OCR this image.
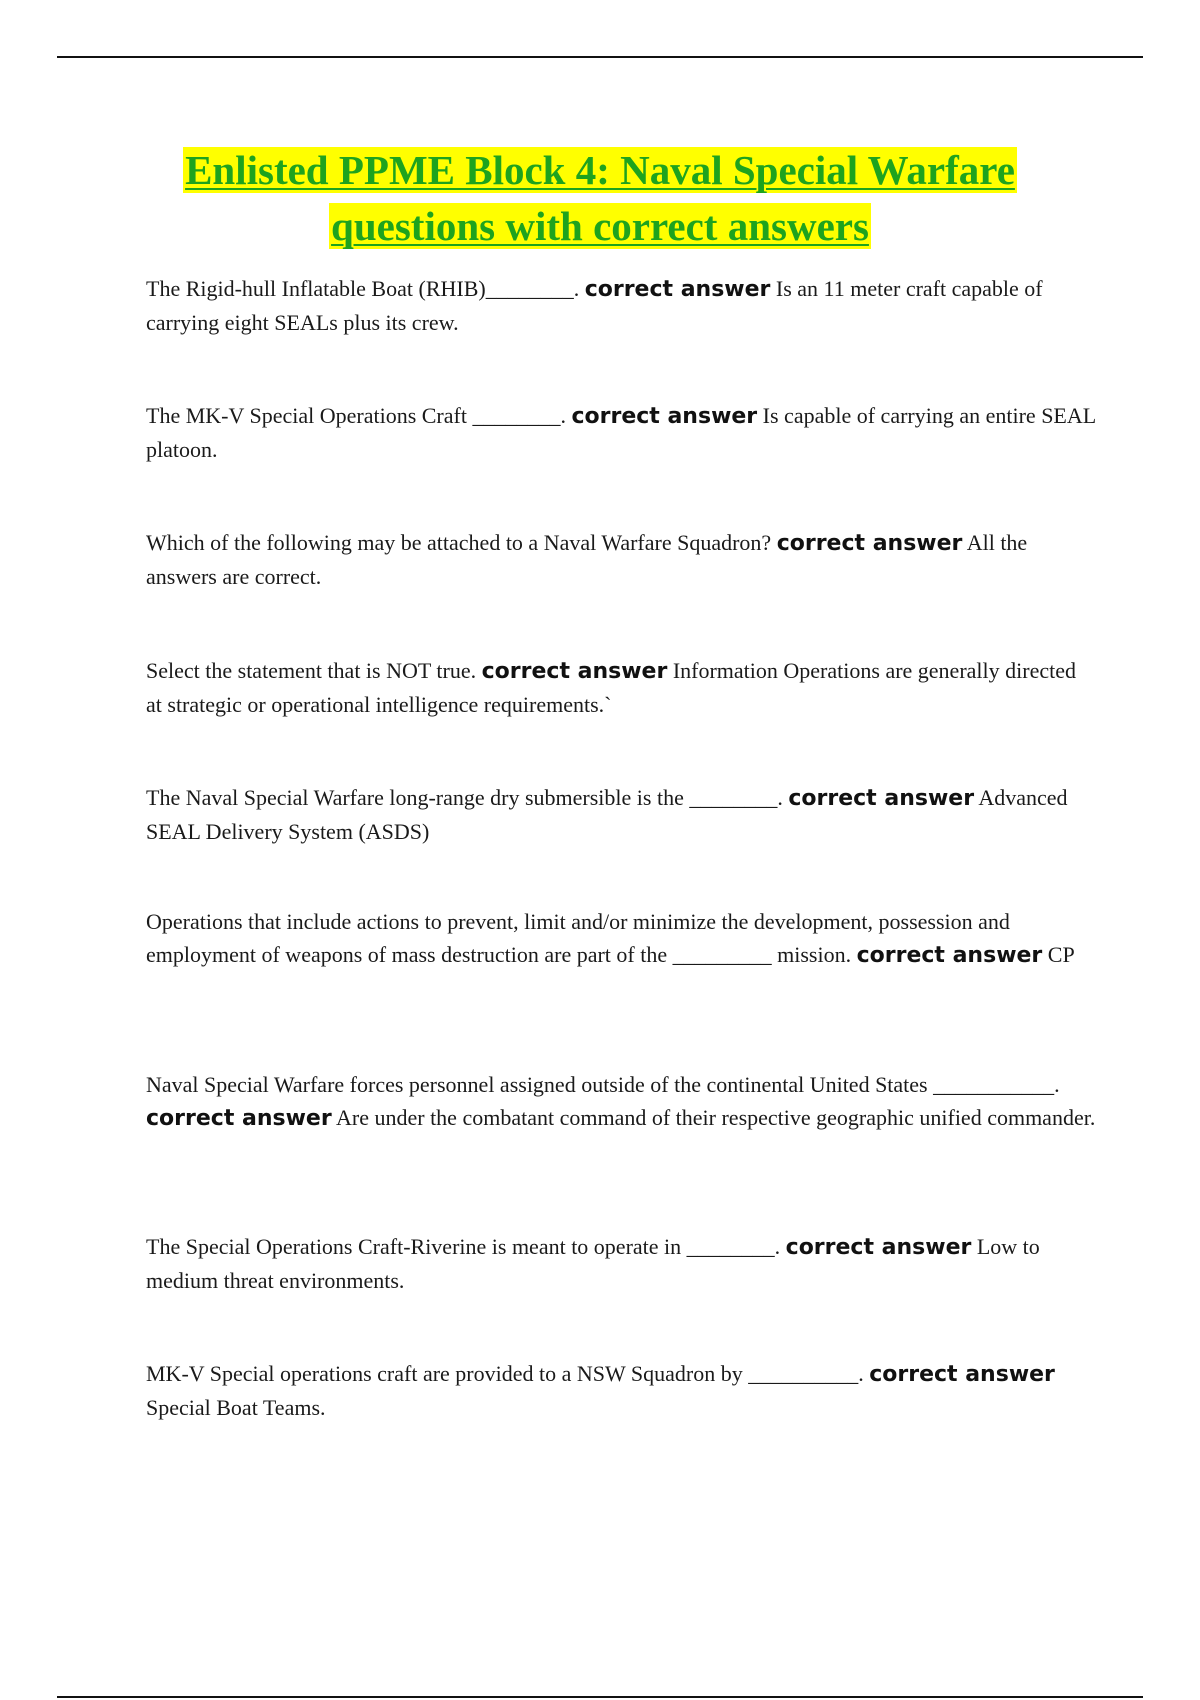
Enlisted PPME Block 4: Naval Special Warfare
questions with correct answers

The Rigid-hull Inflatable Boat (RHIB)________. correct answer Is an 11 meter craft capable of carrying eight SEALs plus its crew.

The MK-V Special Operations Craft ________. correct answer Is capable of carrying an entire SEAL platoon.

Which of the following may be attached to a Naval Warfare Squadron? correct answer All the answers are correct.

Select the statement that is NOT true. correct answer Information Operations are generally directed at strategic or operational intelligence requirements.`

The Naval Special Warfare long-range dry submersible is the ________. correct answer Advanced SEAL Delivery System (ASDS)

Operations that include actions to prevent, limit and/or minimize the development, possession and employment of weapons of mass destruction are part of the _________ mission. correct answer CP

Naval Special Warfare forces personnel assigned outside of the continental United States ___________. correct answer Are under the combatant command of their respective geographic unified commander.

The Special Operations Craft-Riverine is meant to operate in ________. correct answer Low to medium threat environments.

MK-V Special operations craft are provided to a NSW Squadron by __________. correct answer Special Boat Teams.
